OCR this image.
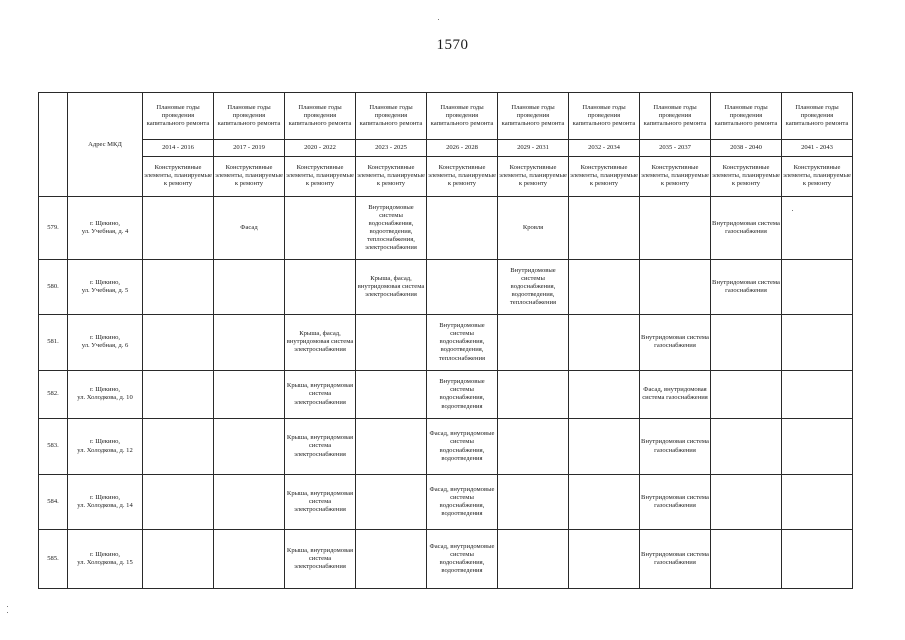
1570
	Адрес МКД	Плановые годы проведения капитального ремонта	Плановые годы проведения капитального ремонта	Плановые годы проведения капитального ремонта	Плановые годы проведения капитального ремонта	Плановые годы проведения капитального ремонта	Плановые годы проведения капитального ремонта	Плановые годы проведения капитального ремонта	Плановые годы проведения капитального ремонта	Плановые годы проведения капитального ремонта	Плановые годы проведения капитального ремонта
		2014 - 2016	2017 - 2019	2020 - 2022	2023 - 2025	2026 - 2028	2029 - 2031	2032 - 2034	2035 - 2037	2038 - 2040	2041 - 2043
		Конструктивные элементы, планируемые к ремонту	Конструктивные элементы, планируемые к ремонту	Конструктивные элементы, планируемые к ремонту	Конструктивные элементы, планируемые к ремонту	Конструктивные элементы, планируемые к ремонту	Конструктивные элементы, планируемые к ремонту	Конструктивные элементы, планируемые к ремонту	Конструктивные элементы, планируемые к ремонту	Конструктивные элементы, планируемые к ремонту	Конструктивные элементы, планируемые к ремонту
579.	г. Щекино,
ул. Учебная, д. 4		Фасад		Внутридомовые системы водоснабжения, водоотведения, теплоснабжения, электроснабжения		Кровля			Внутридомовая система газоснабжения	
580.	г. Щекино,
ул. Учебная, д. 5				Крыша, фасад, внутридомовая система электроснабжения		Внутридомовые системы водоснабжения, водоотведения, теплоснабжения			Внутридомовая система газоснабжения	
581.	г. Щекино,
ул. Учебная, д. 6			Крыша, фасад, внутридомовая система электроснабжения		Внутридомовые системы водоснабжения, водоотведения, теплоснабжения			Внутридомовая система газоснабжения		
582.	г. Щекино,
ул. Холодкова, д. 10			Крыша, внутридомовая система электроснабжения		Внутридомовые системы водоснабжения, водоотведения			Фасад, внутридомовая система газоснабжения		
583.	г. Щекино,
ул. Холодкова, д. 12			Крыша, внутридомовая система электроснабжения		Фасад, внутридомовые системы водоснабжения, водоотведения			Внутридомовая система газоснабжения		
584.	г. Щекино,
ул. Холодкова, д. 14			Крыша, внутридомовая система электроснабжения		Фасад, внутридомовые системы водоснабжения, водоотведения			Внутридомовая система газоснабжения		
585.	г. Щекино,
ул. Холодкова, д. 15			Крыша, внутридомовая система электроснабжения		Фасад, внутридомовые системы водоснабжения, водоотведения			Внутридомовая система газоснабжения		
